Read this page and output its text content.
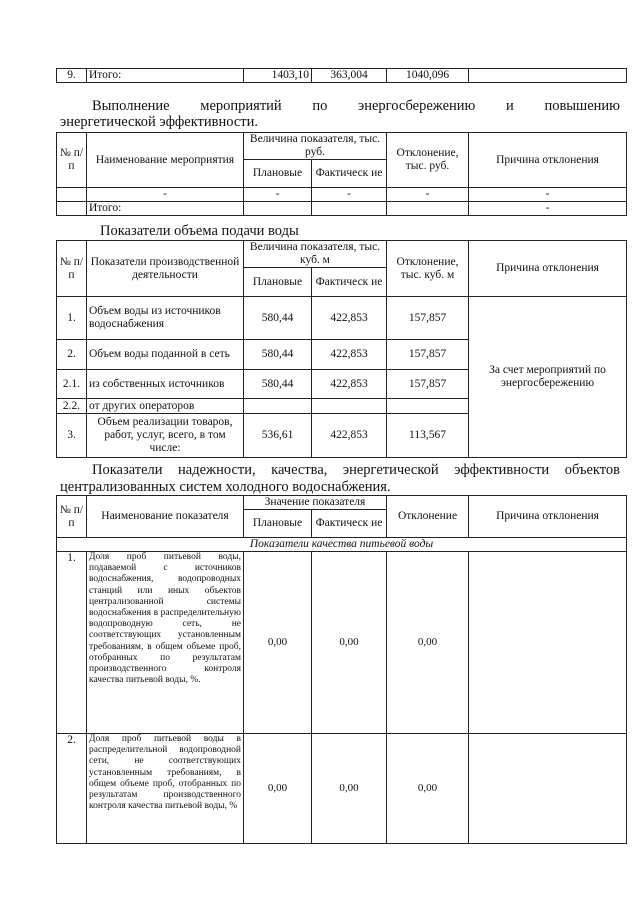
9.	Итого:	1403,10	363,004	1040,096	

Выполнение мероприятий по энергосбережению и повышению

энергетической эффективности.

№ п/п	Наименование мероприятия	Величина показателя, тыс. руб.		Отклонение, тыс. руб.	Причина отклонения
		Плановые	Фактическ ие		
	-	-	-	-	-
	Итого:				-

Показатели объема подачи воды

№ п/п	Показатели производственной деятельности	Величина показателя, тыс. куб. м		Отклонение, тыс. куб. м	Причина отклонения
		Плановые	Фактическ ие		
1.	Объем воды из источников водоснабжения	580,44	422,853	157,857	За счет мероприятий по энергосбережению
2.	Объем воды поданной в сеть	580,44	422,853	157,857	
2.1.	из собственных источников	580,44	422,853	157,857	
2.2.	от других операторов				
3.	Объем реализации товаров, работ, услуг, всего, в том числе:	536,61	422,853	113,567	

Показатели надежности, качества, энергетической эффективности объектов

централизованных систем холодного водоснабжения.

№ п/п	Наименование показателя	Значение показателя		Отклонение	Причина отклонения
		Плановые	Фактическ ие		
Показатели качества питьевой воды					
1.	Доля проб питьевой воды, подаваемой с источников водоснабжения, водопроводных станций или иных объектов централизованной системы водоснабжения в распределительную водопроводную сеть, не соответствующих установленным требованиям, в общем объеме проб, отобранных по результатам производственного контроля качества питьевой воды, %.	0,00	0,00	0,00	
2.	Доля проб питьевой воды в распределительной водопроводной сети, не соответствующих установленным требованиям, в общем объеме проб, отобранных по результатам производственного контроля качества питьевой воды, %	0,00	0,00	0,00	
